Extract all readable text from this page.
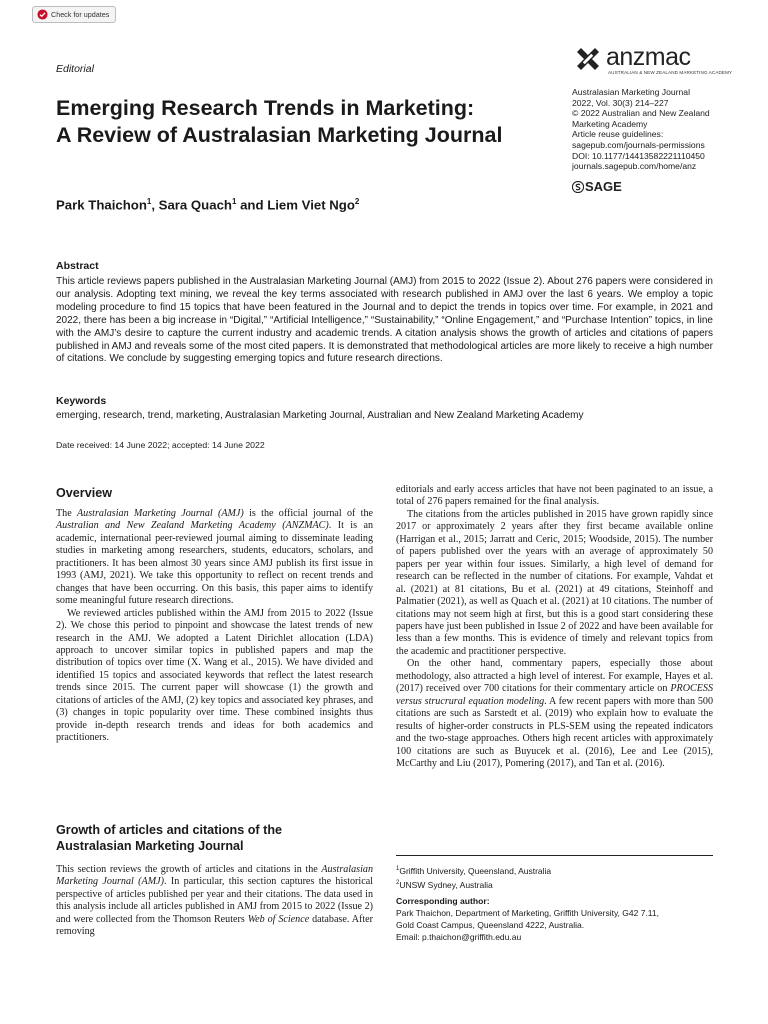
Check for updates
Editorial	anzmac
AUSTRALIAN & NEW ZEALAND MARKETING ACADEMY
Australasian Marketing Journal
2022, Vol. 30(3) 214–227
© 2022 Australian and New Zealand
Marketing Academy
Article reuse guidelines:
sagepub.com/journals-permissions
DOI: 10.1177/14413582221110450
journals.sagepub.com/home/anz
SAGE
Emerging Research Trends in Marketing:
A Review of Australasian Marketing Journal
Park Thaichon$^1$, Sara Quach$^1$ and Liem Viet Ngo$^2$
Abstract
This article reviews papers published in the Australasian Marketing Journal (AMJ) from 2015 to 2022 (Issue 2). About 276 papers were considered in our analysis. Adopting text mining, we reveal the key terms associated with research published in AMJ over the last 6 years. We employ a topic modeling procedure to find 15 topics that have been featured in the Journal and to depict the trends in topics over time. For example, in 2021 and 2022, there has been a big increase in “Digital,” “Artificial Intelligence,” “Sustainability,” “Online Engagement,” and “Purchase Intention” topics, in line with the AMJ’s desire to capture the current industry and academic trends. A citation analysis shows the growth of articles and citations of papers published in AMJ and reveals some of the most cited papers. It is demonstrated that methodological articles are more likely to receive a high number of citations. We conclude by suggesting emerging topics and future research directions.
Keywords
emerging, research, trend, marketing, Australasian Marketing Journal, Australian and New Zealand Marketing Academy
Date received: 14 June 2022; accepted: 14 June 2022
Overview

The Australasian Marketing Journal (AMJ) is the official journal of the Australian and New Zealand Marketing Academy (ANZMAC). It is an academic, international peer-reviewed journal aiming to disseminate leading studies in marketing among researchers, students, educators, scholars, and practitioners. It has been almost 30 years since AMJ publish its first issue in 1993 (AMJ, 2021). We take this opportunity to reflect on recent trends and changes that have been occurring. On this basis, this paper aims to identify some meaningful future research directions.

We reviewed articles published within the AMJ from 2015 to 2022 (Issue 2). We chose this period to pinpoint and showcase the latest trends of new research in the AMJ. We adopted a Latent Dirichlet allocation (LDA) approach to uncover similar topics in published papers and map the distribution of topics over time (X. Wang et al., 2015). We have divided and identified 15 topics and associated keywords that reflect the latest research trends since 2015. The current paper will showcase (1) the growth and citations of articles of the AMJ, (2) key topics and associated key phrases, and (3) changes in topic popularity over time. These combined insights thus provide in-depth research trends and ideas for both academics and practitioners.

Growth of articles and citations of the
Australasian Marketing Journal

This section reviews the growth of articles and citations in the Australasian Marketing Journal (AMJ). In particular, this section captures the historical perspective of articles published per year and their citations. The data used in this analysis include all articles published in AMJ from 2015 to 2022 (Issue 2) and were collected from the Thomson Reuters Web of Science database. After removing

editorials and early access articles that have not been paginated to an issue, a total of 276 papers remained for the final analysis.

The citations from the articles published in 2015 have grown rapidly since 2017 or approximately 2 years after they first became available online (Harrigan et al., 2015; Jarratt and Ceric, 2015; Woodside, 2015). The number of papers published over the years with an average of approximately 50 papers per year within four issues. Similarly, a high level of demand for research can be reflected in the number of citations. For example, Vahdat et al. (2021) at 81 citations, Bu et al. (2021) at 49 citations, Steinhoff and Palmatier (2021), as well as Quach et al. (2021) at 10 citations. The number of citations may not seem high at first, but this is a good start considering these papers have just been published in Issue 2 of 2022 and have been available for less than a few months. This is evidence of timely and relevant topics from the academic and practitioner perspective.

On the other hand, commentary papers, especially those about methodology, also attracted a high level of interest. For example, Hayes et al. (2017) received over 700 citations for their commentary article on PROCESS versus strucrural equation modeling. A few recent papers with more than 500 citations are such as Sarstedt et al. (2019) who explain how to evaluate the results of higher-order constructs in PLS-SEM using the repeated indicators and the two-stage approaches. Others high recent articles with approximately 100 citations are such as Buyucek et al. (2016), Lee and Lee (2015), McCarthy and Liu (2017), Pomering (2017), and Tan et al. (2016).

$^1$Griffith University, Queensland, Australia
$^2$UNSW Sydney, Australia
Corresponding author:
Park Thaichon, Department of Marketing, Griffith University, G42 7.11,
Gold Coast Campus, Queensland 4222, Australia.
Email: p.thaichon@griffith.edu.au
